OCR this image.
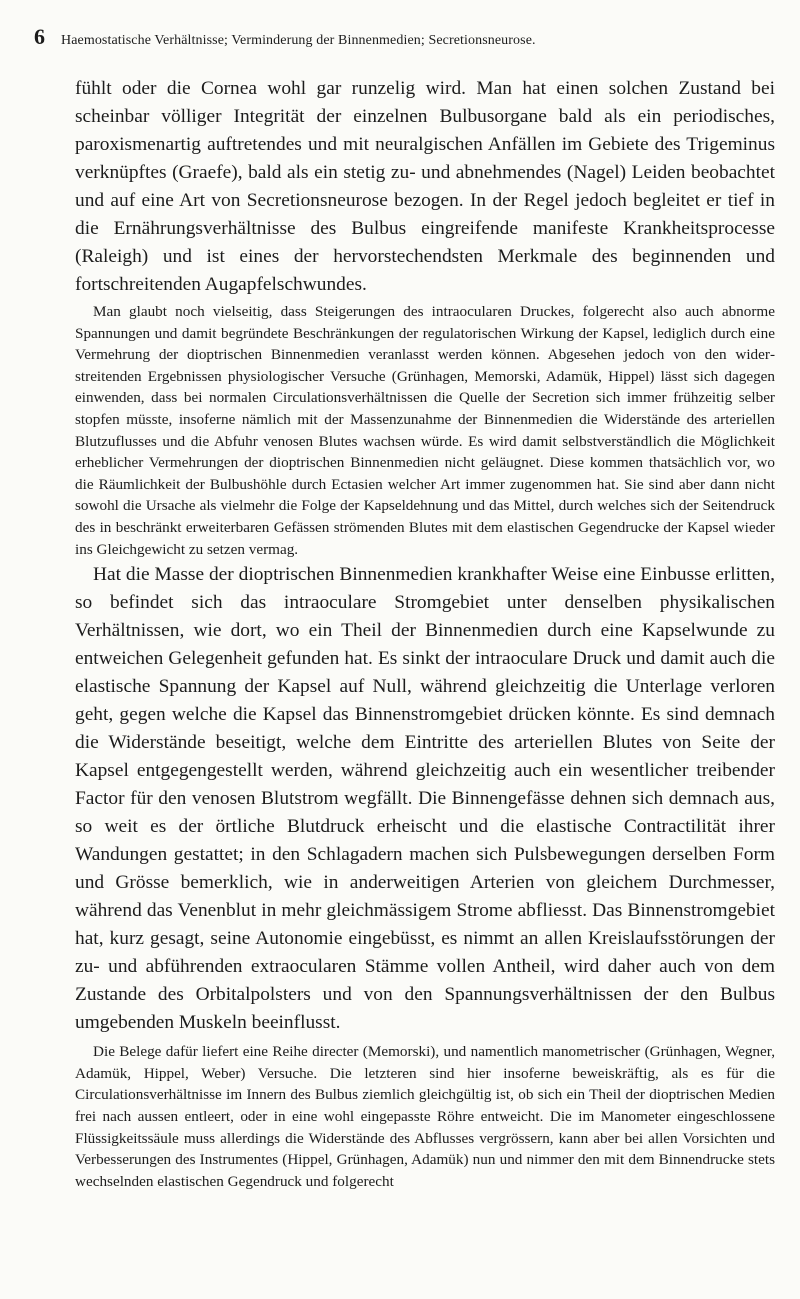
6 Haemostatische Verhältnisse; Verminderung der Binnenmedien; Secretionsneurose.

fühlt oder die Cornea wohl gar runzelig wird. Man hat einen solchen Zustand bei scheinbar völliger Integrität der einzelnen Bulbusorgane bald als ein periodisches, paroxismenartig auftretendes und mit neuralgischen Anfällen im Gebiete des Trigeminus verknüpftes (Graefe), bald als ein stetig zu- und abnehmendes (Nagel) Leiden beobachtet und auf eine Art von Secretionsneurose bezogen. In der Regel jedoch begleitet er tief in die Ernährungsverhältnisse des Bulbus eingreifende manifeste Krankheitsprocesse (Raleigh) und ist eines der hervorstechendsten Merkmale des beginnenden und fortschreitenden Augapfelschwundes.

Man glaubt noch vielseitig, dass Steigerungen des intraocularen Druckes, folgerecht also auch abnorme Spannungen und damit begründete Beschränkungen der regulatorischen Wirkung der Kapsel, lediglich durch eine Vermehrung der dioptrischen Binnenmedien veranlasst werden können. Abgesehen jedoch von den widerstreitenden Ergebnissen physiologischer Versuche (Grünhagen, Memorski, Adamük, Hippel) lässt sich dagegen einwenden, dass bei normalen Circulationsverhältnissen die Quelle der Secretion sich immer frühzeitig selber stopfen müsste, insoferne nämlich mit der Massenzunahme der Binnenmedien die Widerstände des arteriellen Blutzuflusses und die Abfuhr venosen Blutes wachsen würde. Es wird damit selbstverständlich die Möglichkeit erheblicher Vermehrungen der dioptrischen Binnenmedien nicht geläugnet. Diese kommen thatsächlich vor, wo die Räumlichkeit der Bulbushöhle durch Ectasien welcher Art immer zugenommen hat. Sie sind aber dann nicht sowohl die Ursache als vielmehr die Folge der Kapseldehnung und das Mittel, durch welches sich der Seitendruck des in beschränkt erweiterbaren Gefässen strömenden Blutes mit dem elastischen Gegendrucke der Kapsel wieder ins Gleichgewicht zu setzen vermag.

Hat die Masse der dioptrischen Binnenmedien krankhafter Weise eine Einbusse erlitten, so befindet sich das intraoculare Stromgebiet unter denselben physikalischen Verhältnissen, wie dort, wo ein Theil der Binnenmedien durch eine Kapselwunde zu entweichen Gelegenheit gefunden hat. Es sinkt der intraoculare Druck und damit auch die elastische Spannung der Kapsel auf Null, während gleichzeitig die Unterlage verloren geht, gegen welche die Kapsel das Binnenstromgebiet drücken könnte. Es sind demnach die Widerstände beseitigt, welche dem Eintritte des arteriellen Blutes von Seite der Kapsel entgegengestellt werden, während gleichzeitig auch ein wesentlicher treibender Factor für den venosen Blutstrom wegfällt. Die Binnengefässe dehnen sich demnach aus, so weit es der örtliche Blutdruck erheischt und die elastische Contractilität ihrer Wandungen gestattet; in den Schlagadern machen sich Pulsbewegungen derselben Form und Grösse bemerklich, wie in anderweitigen Arterien von gleichem Durchmesser, während das Venenblut in mehr gleichmässigem Strome abfliesst. Das Binnenstromgebiet hat, kurz gesagt, seine Autonomie eingebüsst, es nimmt an allen Kreislaufsstörungen der zu- und abführenden extraocularen Stämme vollen Antheil, wird daher auch von dem Zustande des Orbitalpolsters und von den Spannungsverhältnissen der den Bulbus umgebenden Muskeln beeinflusst.

Die Belege dafür liefert eine Reihe directer (Memorski), und namentlich manometrischer (Grünhagen, Wegner, Adamük, Hippel, Weber) Versuche. Die letzteren sind hier insoferne beweiskräftig, als es für die Circulationsverhältnisse im Innern des Bulbus ziemlich gleichgültig ist, ob sich ein Theil der dioptrischen Medien frei nach aussen entleert, oder in eine wohl eingepasste Röhre entweicht. Die im Manometer eingeschlossene Flüssigkeitssäule muss allerdings die Widerstände des Abflusses vergrössern, kann aber bei allen Vorsichten und Verbesserungen des Instrumentes (Hippel, Grünhagen, Adamük) nun und nimmer den mit dem Binnendrucke stets wechselnden elastischen Gegendruck und folgerecht
